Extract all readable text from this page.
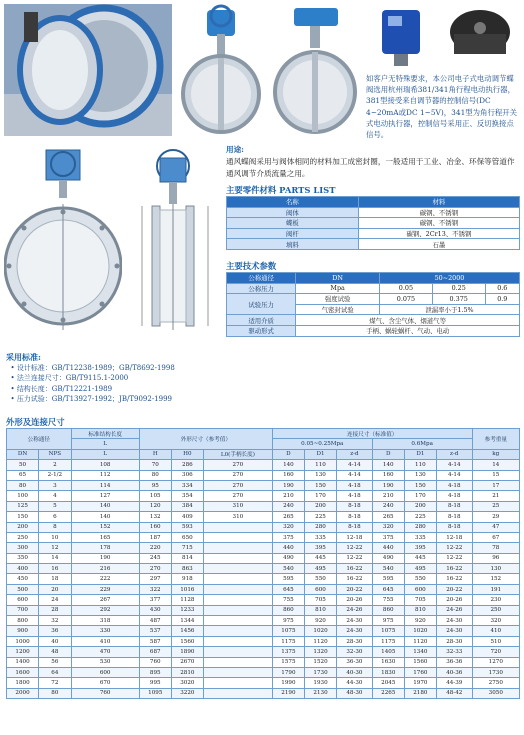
如客户无特殊要求，本公司电子式电动调节蝶阀选用杭州瑞希381/341角行程电动执行器，381型接受来自调节器的控制信号(DC 4~20mA或DC 1~5V)，341型为角行程开关式电动执行器，控制信号采用正、反切换接点信号。
用途:
通风蝶阀采用与阀体相同的材料加工成密封圈，一般适用于工业、冶金、环保等管道作通风调节介质流量之用。
主要零件材料 PARTS LIST
名称	材料
阀体	碳钢、不锈钢
蝶板	碳钢、不锈钢
阀杆	碳钢、2Cr13、不锈钢
填料	石墨
主要技术参数
公称通径	DN	50~2000		
公称压力	Mpa	0.05	0.25	0.6
试验压力	强度试验	0.075	0.375	0.9
	气密封试验	泄漏率小于1.5%		
适用介质	煤气、含尘气体、烟道气等			
驱动形式	手柄、蜗轮蜗杆、气动、电动			
采用标准:
• 设计标准：GB/T12238-1989；GB/T8692-1998
• 法兰连接尺寸：GB/T9115.1-2000
• 结构长度：GB/T12221-1989
• 压力试验：GB/T13927-1992；JB/T9092-1999
外形及连接尺寸
公称通径		标准结构长度	外形尺寸（参考值）			连接尺寸（标准值）						参考重量
		L				0.05~0.25Mpa			0.6Mpa			
DN	NPS	L	H	H0	L0(手柄长度)	D	D1	z-d	D	D1	z-d	kg
50	2	108	70	286	270	140	110	4-14	140	110	4-14	14
65	2-1/2	112	80	306	270	160	130	4-14	160	130	4-14	15
80	3	114	95	334	270	190	150	4-18	190	150	4-18	17
100	4	127	105	354	270	210	170	4-18	210	170	4-18	21
125	5	140	120	384	310	240	200	8-18	240	200	8-18	25
150	6	140	132	409	310	265	225	8-18	265	225	8-18	29
200	8	152	160	593		320	280	8-18	320	280	8-18	47
250	10	165	187	650		375	335	12-18	375	335	12-18	67
300	12	178	220	715		440	395	12-22	440	395	12-22	78
350	14	190	245	814		490	445	12-22	490	445	12-22	96
400	16	216	270	863		540	495	16-22	540	495	16-22	130
450	18	222	297	918		595	550	16-22	595	550	16-22	152
500	20	229	322	1016		645	600	20-22	645	600	20-22	191
600	24	267	377	1128		755	705	20-26	755	705	20-26	230
700	28	292	430	1233		860	810	24-26	860	810	24-26	250
800	32	318	487	1344		975	920	24-30	975	920	24-30	320
900	36	330	537	1456		1075	1020	24-30	1075	1020	24-30	410
1000	40	410	587	1560		1175	1120	28-30	1175	1120	28-30	510
1200	48	470	687	1890		1375	1320	32-30	1405	1340	32-33	720
1400	56	530	760	2670		1575	1520	36-30	1630	1560	36-36	1270
1600	64	600	895	2810		1790	1730	40-30	1830	1760	40-36	1730
1800	72	670	995	3020		1990	1930	44-30	2045	1970	44-39	2750
2000	80	760	1095	3220		2190	2130	48-30	2265	2180	48-42	3050
